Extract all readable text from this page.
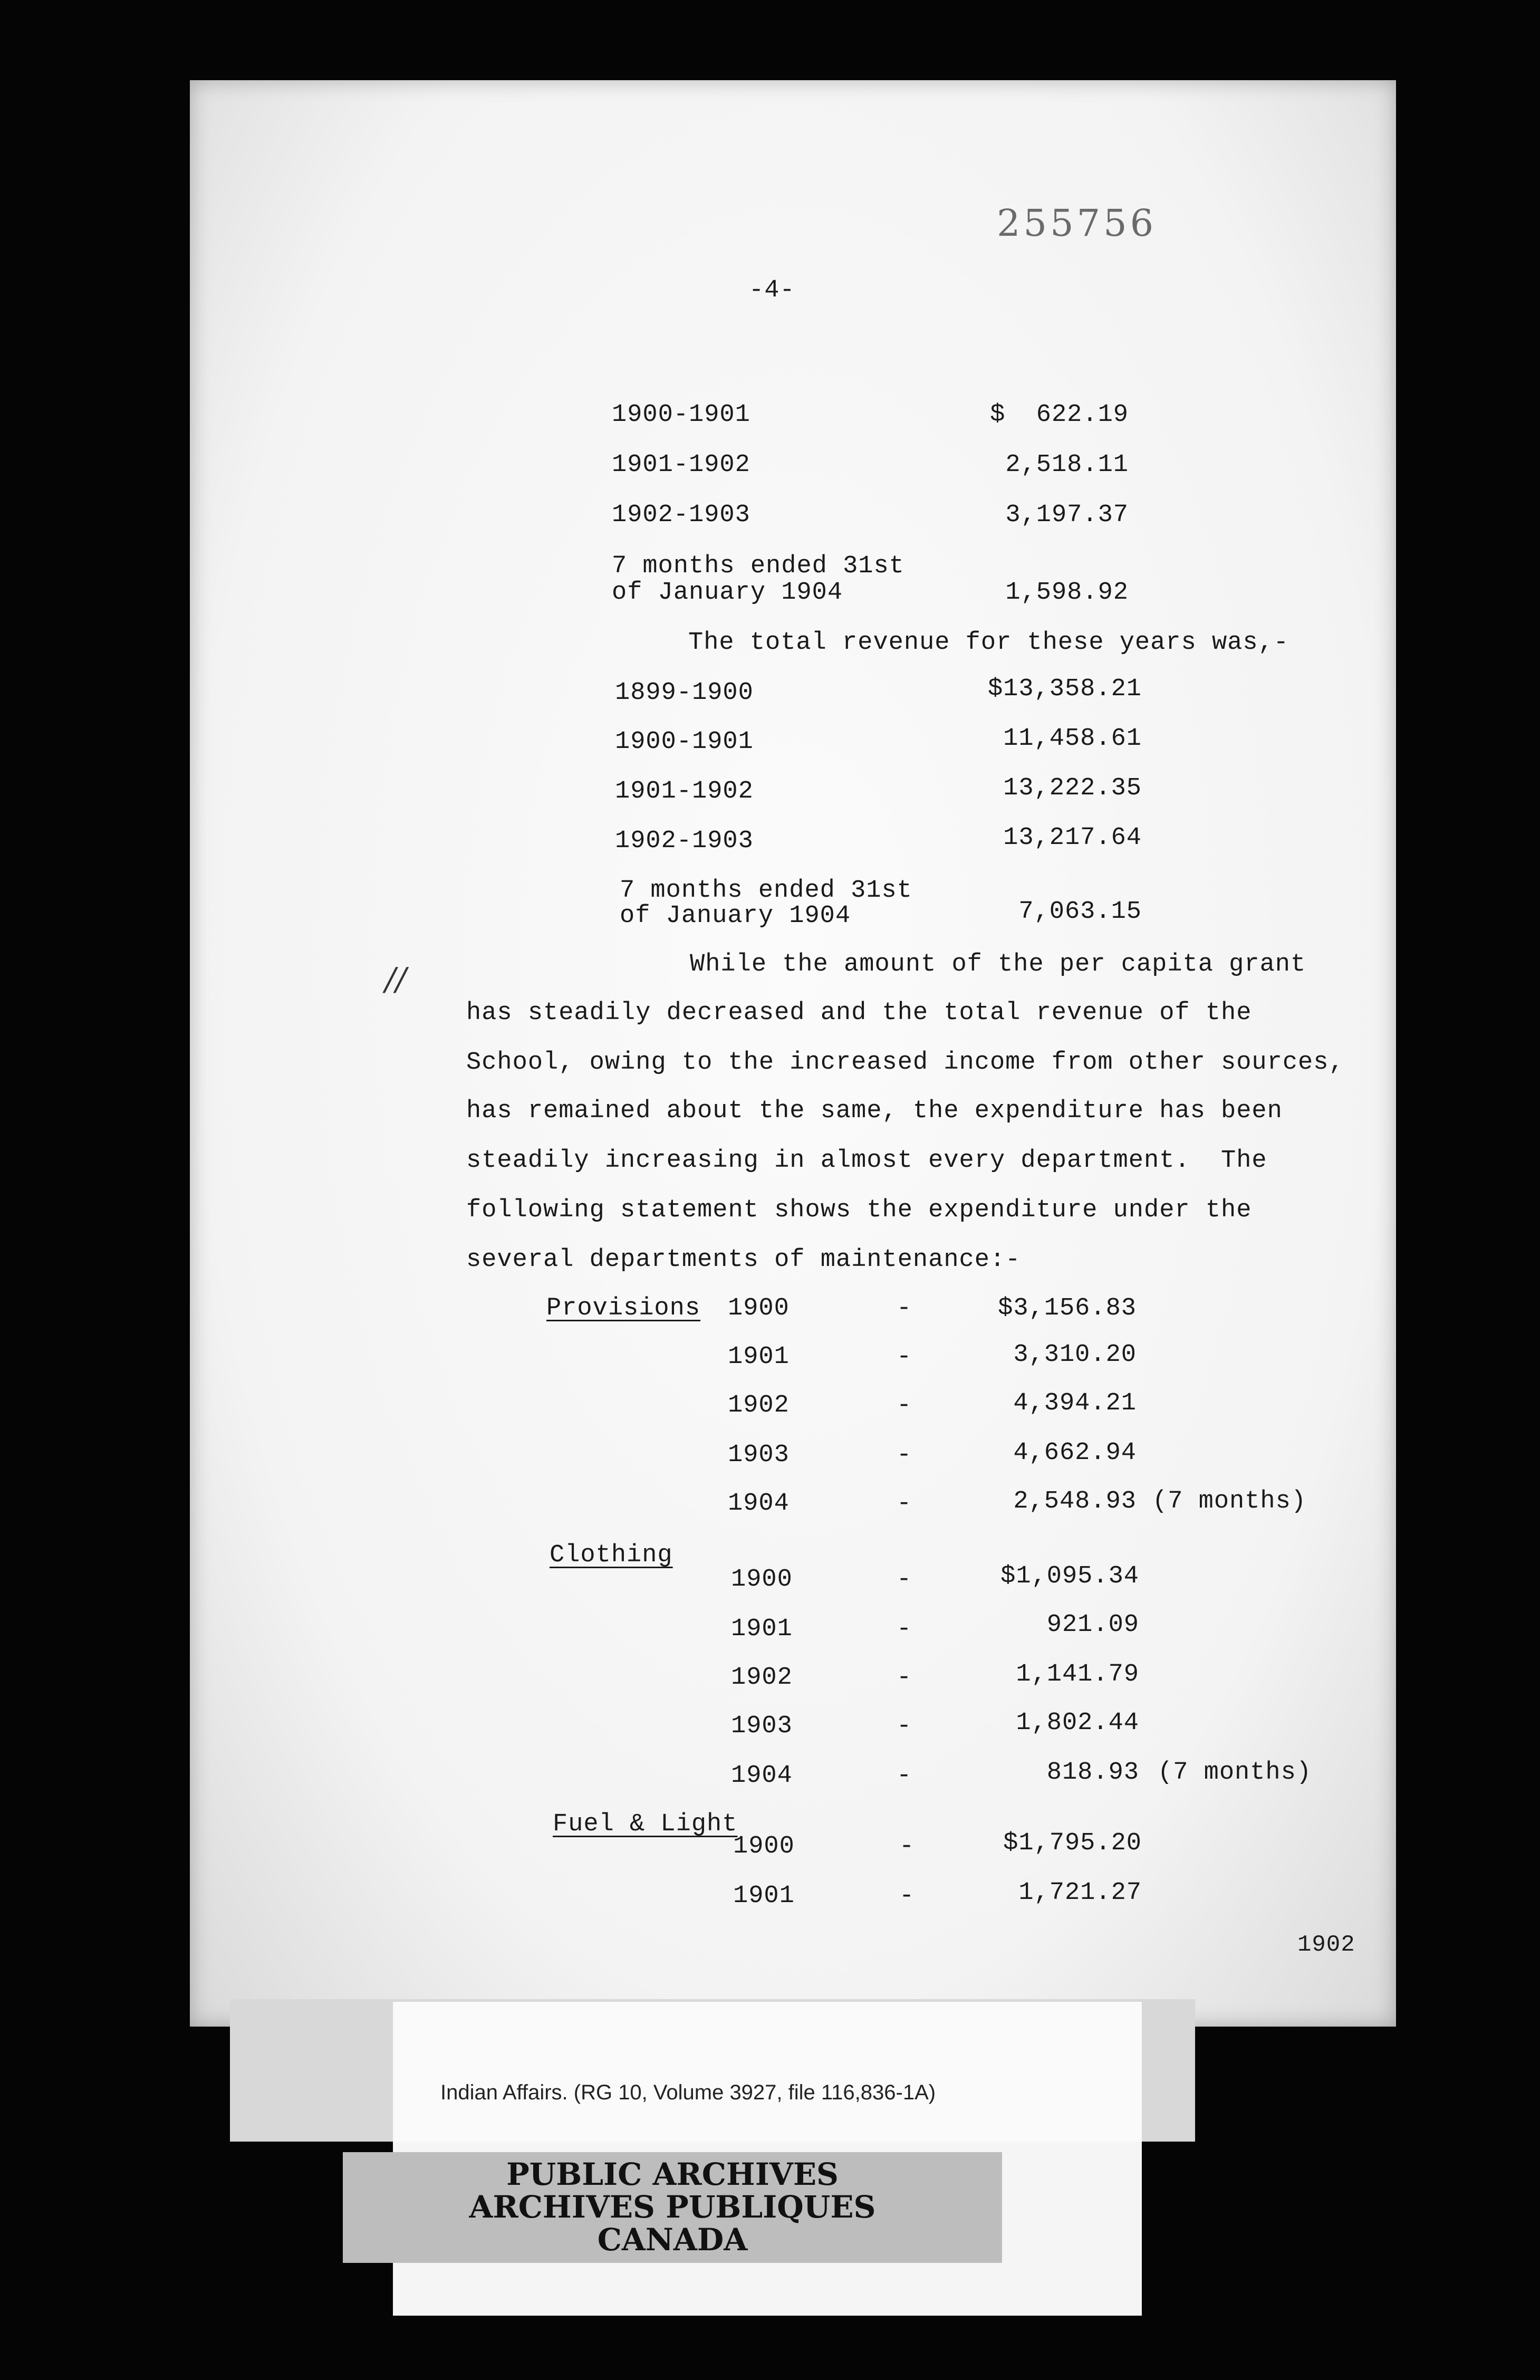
255756
-4-
1900-1901	$  622.19
1901-1902	2,518.11
1902-1903	3,197.37
7 months ended 31st
of January 1904	1,598.92
The total revenue for these years was,-
1899-1900	$13,358.21
1900-1901	11,458.61
1901-1902	13,222.35
1902-1903	13,217.64
7 months ended 31st
of January 1904	7,063.15
//	While the amount of the per capita grant
has steadily decreased and the total revenue of the
School, owing to the increased income from other sources,
has remained about the same, the expenditure has been
steadily increasing in almost every department.  The
following statement shows the expenditure under the
several departments of maintenance:-
Provisions 1900	-	$3,156.83
1901	-	3,310.20
1902	-	4,394.21
1903	-	4,662.94
1904	-	2,548.93 (7 months)
Clothing
1900	-	$1,095.34
1901	-	921.09
1902	-	1,141.79
1903	-	1,802.44
1904	-	818.93 (7 months)
Fuel & Light
1900	-	$1,795.20
1901	-	1,721.27
1902
Indian Affairs. (RG 10, Volume 3927, file 116,836-1A)
PUBLIC ARCHIVES
ARCHIVES PUBLIQUES
CANADA
